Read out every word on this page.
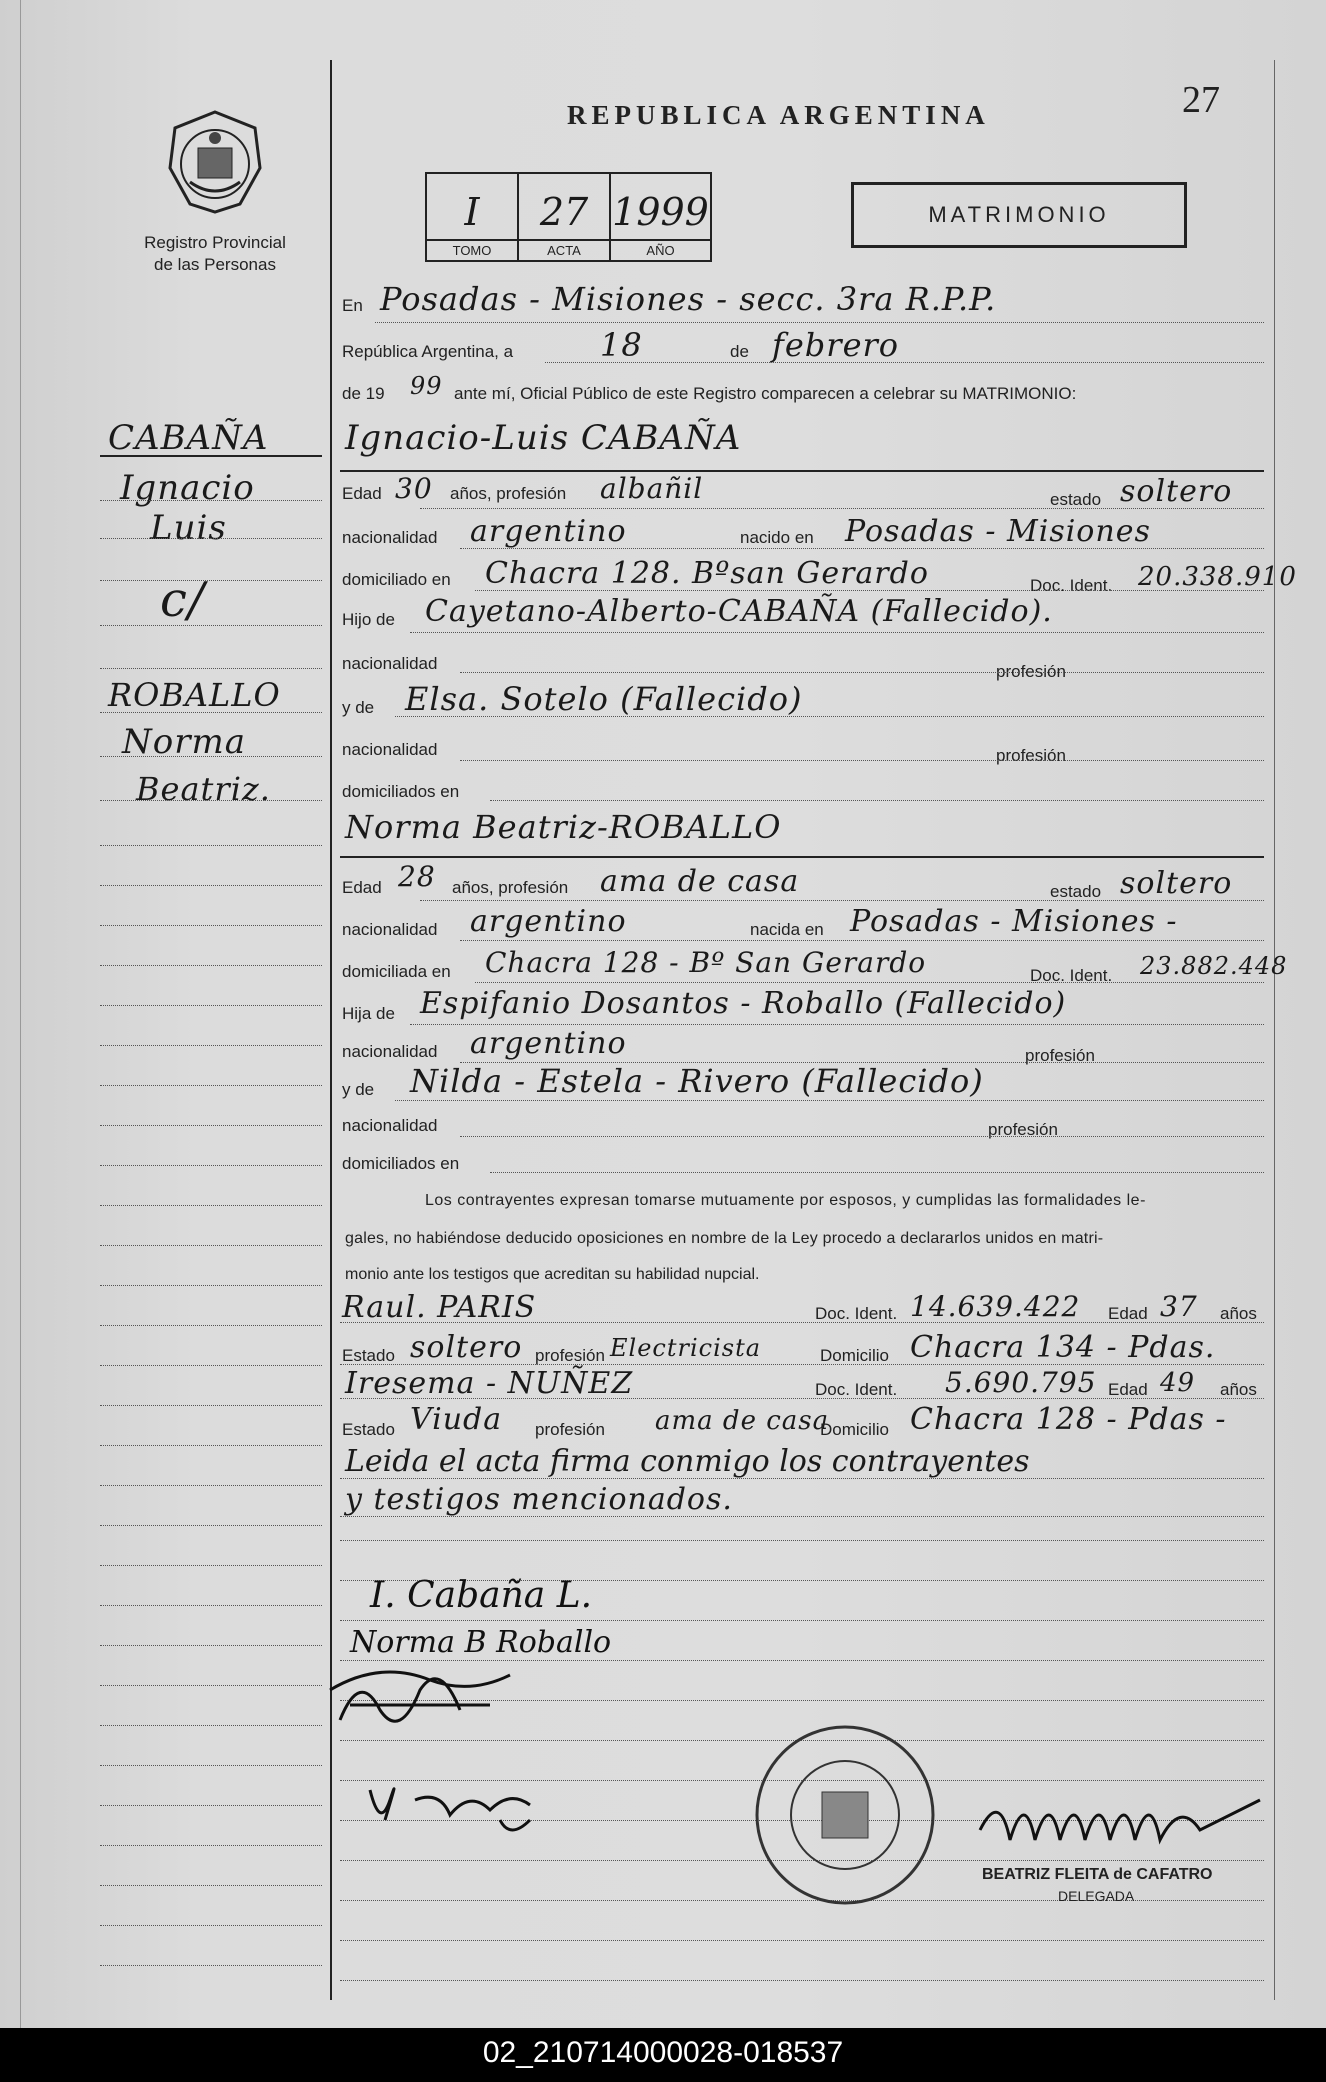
Registro Provincial
de las Personas
REPUBLICA ARGENTINA	27
I
TOMO
27
ACTA
1999
AÑO
MATRIMONIO
CABAÑA
Ignacio
Luis
c/
ROBALLO
Norma
Beatriz.
En Posadas - Misiones - secc. 3ra R.P.P.
República Argentina, a	18	de febrero
de 19 99 ante mí, Oficial Público de este Registro comparecen a celebrar su MATRIMONIO:
Ignacio-Luis CABAÑA
Edad 30 años, profesión albañil	estado soltero
nacionalidad argentino	nacido en Posadas - Misiones
domiciliado en Chacra 128. Bºsan Gerardo	Doc. Ident. 20.338.910
Hijo de Cayetano-Alberto-CABAÑA (Fallecido).
nacionalidad	profesión
y de Elsa. Sotelo (Fallecido)
nacionalidad	profesión
domiciliados en
Norma Beatriz-ROBALLO
Edad 28 años, profesión ama de casa	estado soltero
nacionalidad argentino	nacida en Posadas - Misiones -
domiciliada en Chacra 128 - Bº San Gerardo	Doc. Ident. 23.882.448
Hija de Espifanio Dosantos - Roballo (Fallecido)
nacionalidad argentino	profesión
y de Nilda - Estela - Rivero (Fallecido)
nacionalidad	profesión
domiciliados en
Los contrayentes expresan tomarse mutuamente por esposos, y cumplidas las formalidades le-
gales, no habiéndose deducido oposiciones en nombre de la Ley procedo a declararlos unidos en matri-
monio ante los testigos que acreditan su habilidad nupcial.
Raul. PARIS	Doc. Ident. 14.639.422 Edad 37 años
Estado soltero profesión Electricista	Domicilio Chacra 134 - Pdas.
Iresema - NUÑEZ	Doc. Ident. 5.690.795 Edad 49 años
Estado Viuda profesión ama de casa
Domicilio Chacra 128 - Pdas -
Leida el acta firma conmigo los contrayentes
y testigos mencionados.
I. Cabaña L.
Norma B Roballo
BEATRIZ FLEITA de CAFATRO
DELEGADA
02_210714000028-018537
